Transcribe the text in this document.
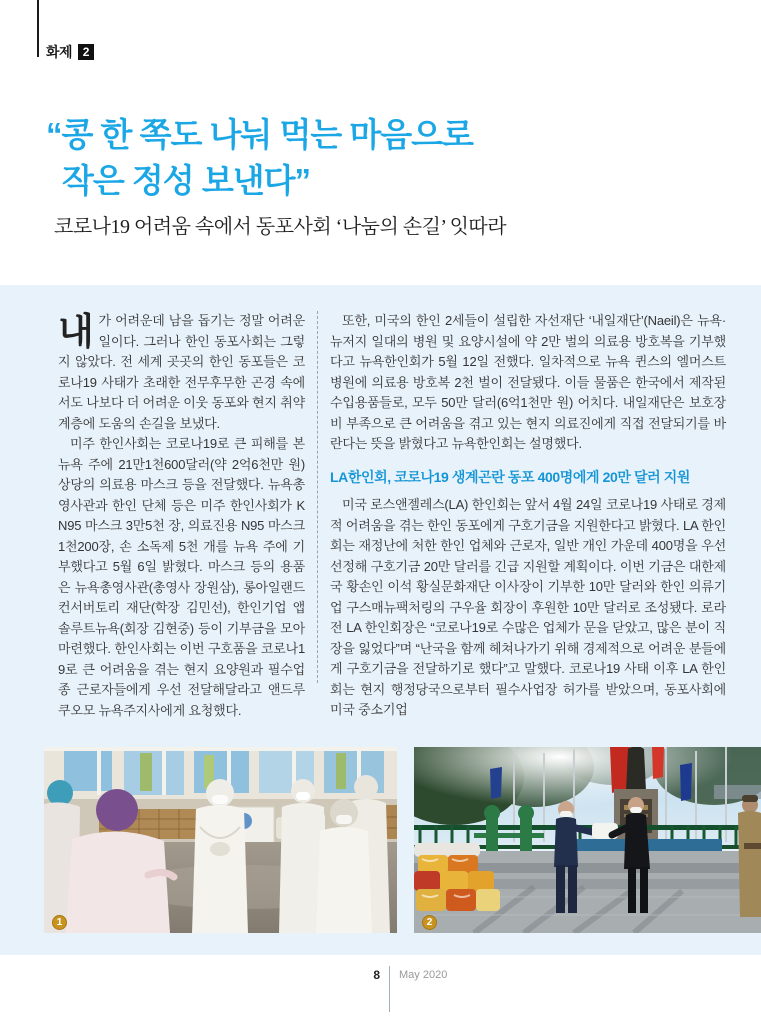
화제 2
“콩 한 쪽도 나눠 먹는 마음으로
작은 정성 보낸다”
코로나19 어려움 속에서 동포사회 ‘나눔의 손길’ 잇따라
내 가 어려운데 남을 돕기는 정말 어려운 일이다. 그러나 한인 동포사회는 그렇지 않았다. 전 세계 곳곳의 한인 동포들은 코로나19 사태가 초래한 전무후무한 곤경 속에서도 나보다 더 어려운 이웃 동포와 현지 취약계층에 도움의 손길을 보냈다.

미주 한인사회는 코로나19로 큰 피해를 본 뉴욕 주에 21만1천600달러(약 2억6천만 원) 상당의 의료용 마스크 등을 전달했다. 뉴욕총영사관과 한인 단체 등은 미주 한인사회가 KN95 마스크 3만5천 장, 의료진용 N95 마스크 1천200장, 손 소독제 5천 개를 뉴욕 주에 기부했다고 5월 6일 밝혔다. 마스크 등의 용품은 뉴욕총영사관(총영사 장원삼), 롱아일랜드 컨서버토리 재단(학장 김민선), 한인기업 앱솔루트뉴욕(회장 김현중) 등이 기부금을 모아 마련했다. 한인사회는 이번 구호품을 코로나19로 큰 어려움을 겪는 현지 요양원과 필수업종 근로자들에게 우선 전달해달라고 앤드루 쿠오모 뉴욕주지사에게 요청했다.

또한, 미국의 한인 2세들이 설립한 자선재단 ‘내일재단’(Naeil)은 뉴욕·뉴저지 일대의 병원 및 요양시설에 약 2만 벌의 의료용 방호복을 기부했다고 뉴욕한인회가 5월 12일 전했다. 일차적으로 뉴욕 퀸스의 엘머스트 병원에 의료용 방호복 2천 벌이 전달됐다. 이들 물품은 한국에서 제작된 수입용품들로, 모두 50만 달러(6억1천만 원) 어치다. 내일재단은 보호장비 부족으로 큰 어려움을 겪고 있는 현지 의료진에게 직접 전달되기를 바란다는 뜻을 밝혔다고 뉴욕한인회는 설명했다.

LA한인회, 코로나19 생계곤란 동포 400명에게 20만 달러 지원

미국 로스앤젤레스(LA) 한인회는 앞서 4월 24일 코로나19 사태로 경제적 어려움을 겪는 한인 동포에게 구호기금을 지원한다고 밝혔다. LA 한인회는 재정난에 처한 한인 업체와 근로자, 일반 개인 가운데 400명을 우선 선정해 구호기금 20만 달러를 긴급 지원할 계획이다. 이번 기금은 대한제국 황손인 이석 황실문화재단 이사장이 기부한 10만 달러와 한인 의류기업 구스매뉴팩처링의 구우율 회장이 후원한 10만 달러로 조성됐다. 로라 전 LA 한인회장은 “코로나19로 수많은 업체가 문을 닫았고, 많은 분이 직장을 잃었다”며 “난국을 함께 헤쳐나가기 위해 경제적으로 어려운 분들에게 구호기금을 전달하기로 했다”고 말했다. 코로나19 사태 이후 LA 한인회는 현지 행정당국으로부터 필수사업장 허가를 받았으며, 동포사회에 미국 중소기업

1	2
8 May 2020
